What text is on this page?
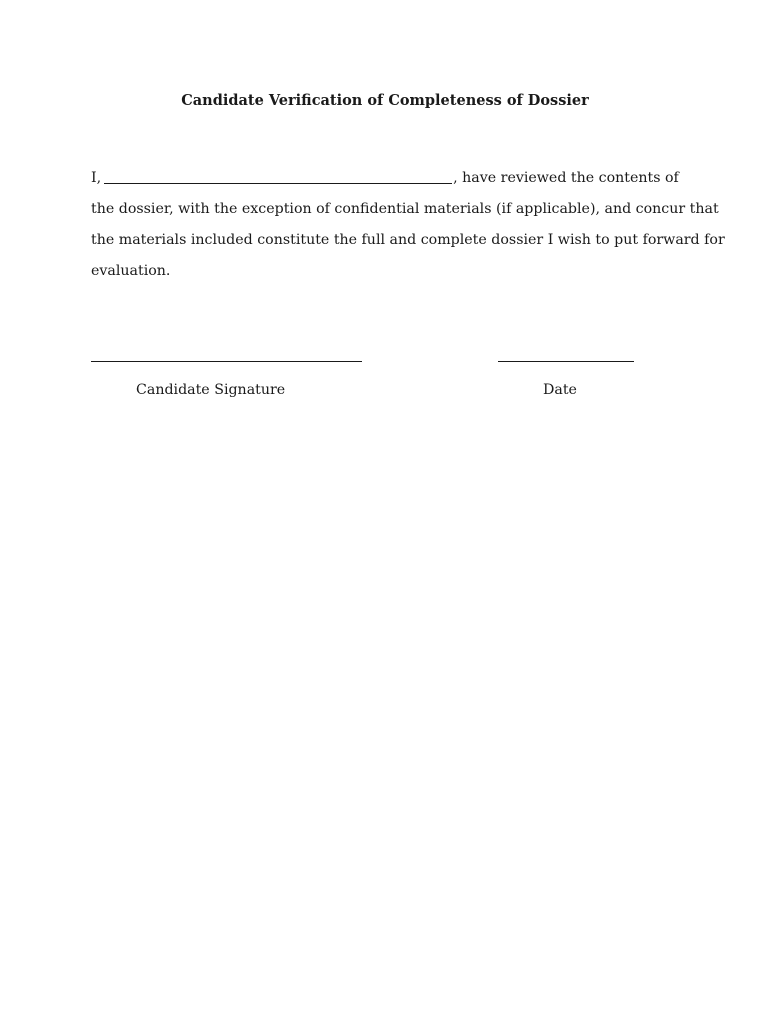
Candidate Verification of Completeness of Dossier
I,	, have reviewed the contents of
the dossier, with the exception of confidential materials (if applicable), and concur that
the materials included constitute the full and complete dossier I wish to put forward for
evaluation.
Candidate Signature	Date
